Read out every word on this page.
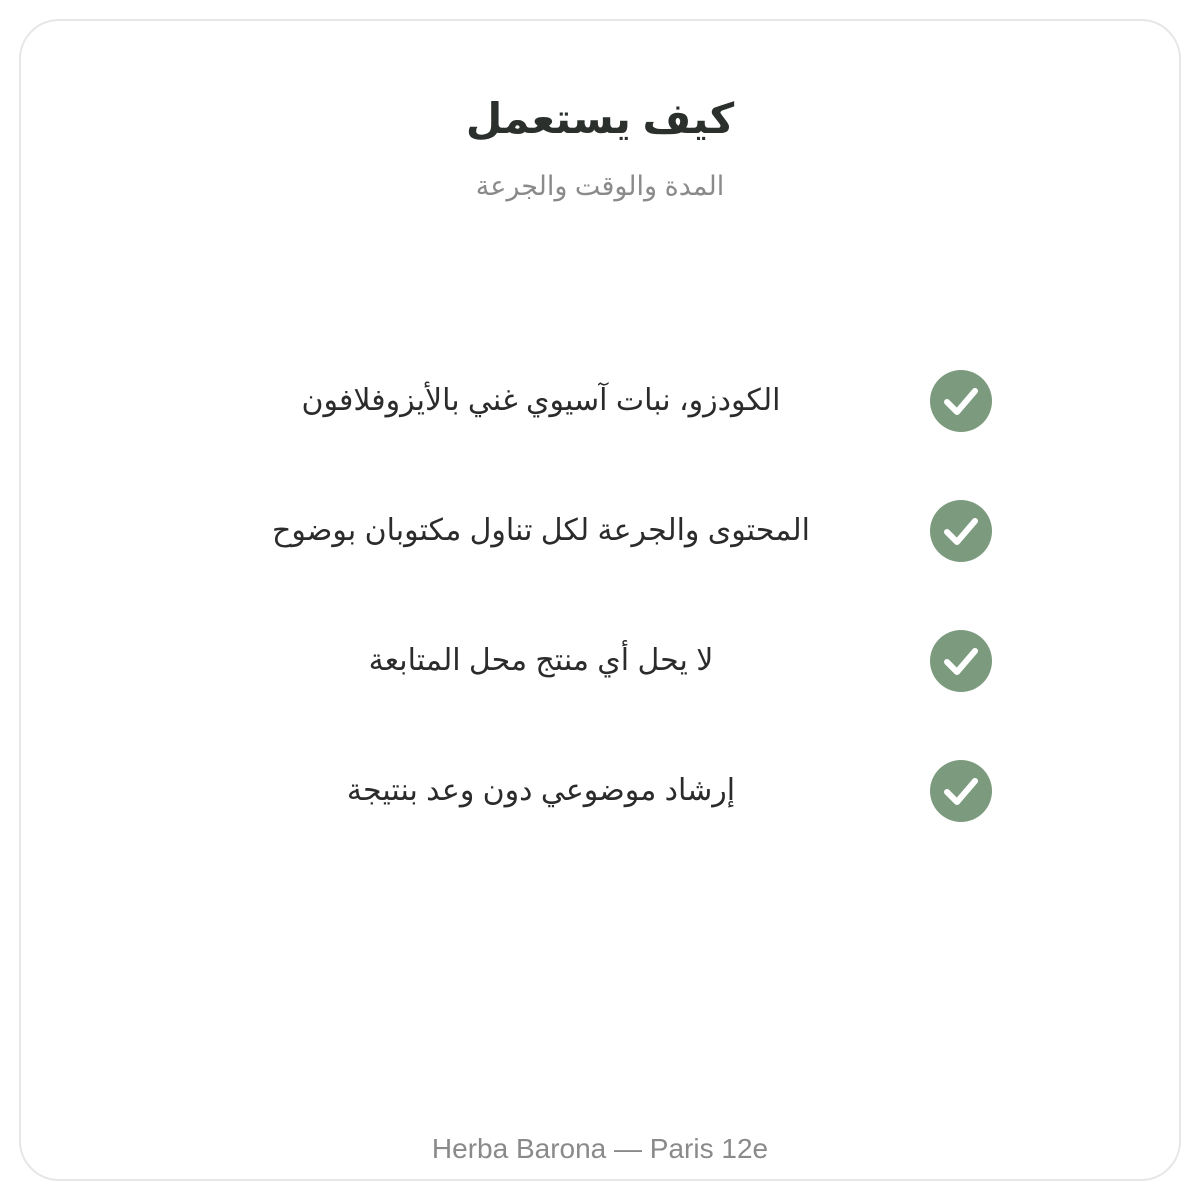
كيف يستعمل
المدة والوقت والجرعة
الكودزو، نبات آسيوي غني بالأيزوفلافون
المحتوى والجرعة لكل تناول مكتوبان بوضوح
لا يحل أي منتج محل المتابعة
إرشاد موضوعي دون وعد بنتيجة
Herba Barona — Paris 12e
